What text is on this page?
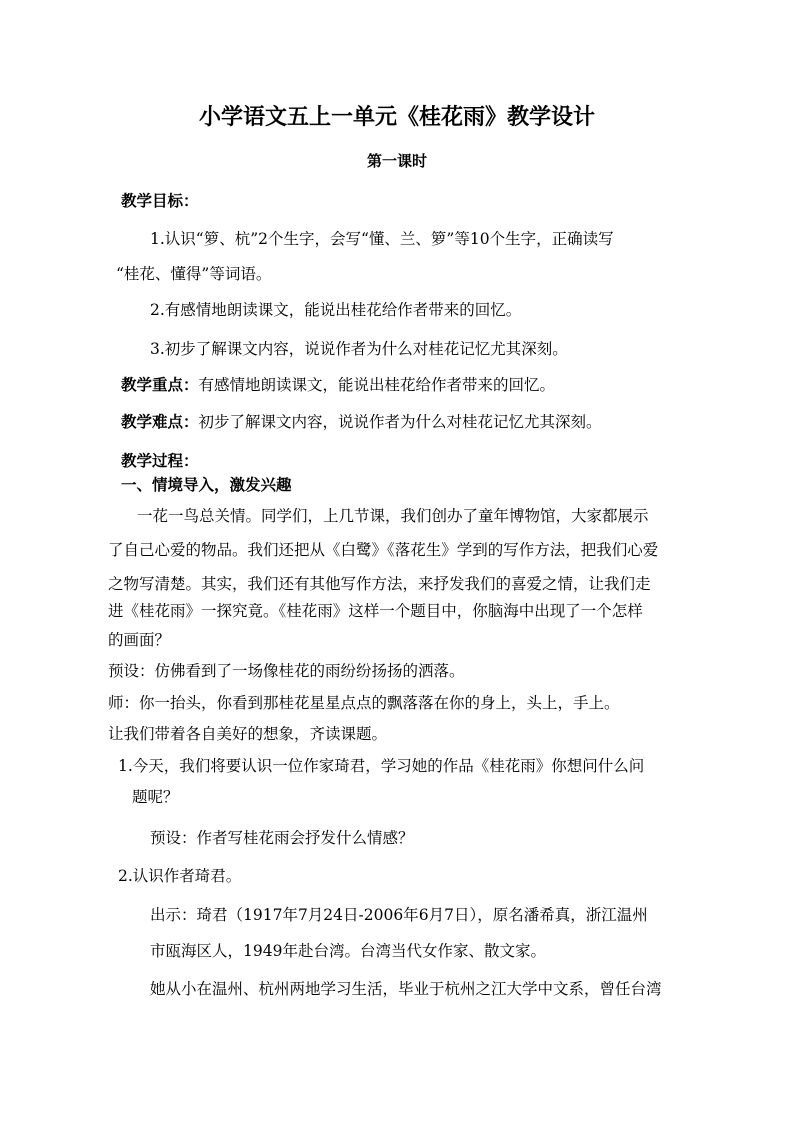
小学语文五上一单元《桂花雨》教学设计
第一课时
教学目标：
1.认识“箩、杭”2个生字，会写“懂、兰、箩”等10个生字，正确读写
“桂花、懂得”等词语。
2.有感情地朗读课文，能说出桂花给作者带来的回忆。
3.初步了解课文内容，说说作者为什么对桂花记忆尤其深刻。
教学重点：有感情地朗读课文，能说出桂花给作者带来的回忆。
教学难点：初步了解课文内容，说说作者为什么对桂花记忆尤其深刻。
教学过程：
一、情境导入，激发兴趣
一花一鸟总关情。同学们，上几节课，我们创办了童年博物馆，大家都展示
了自己心爱的物品。我们还把从《白鹭》《落花生》学到的写作方法，把我们心爱
之物写清楚。其实，我们还有其他写作方法，来抒发我们的喜爱之情，让我们走
进《桂花雨》一探究竟。《桂花雨》这样一个题目中，你脑海中出现了一个怎样
的画面？
预设：仿佛看到了一场像桂花的雨纷纷扬扬的洒落。
师：你一抬头，你看到那桂花星星点点的飘落落在你的身上，头上，手上。
让我们带着各自美好的想象，齐读课题。
1.今天，我们将要认识一位作家琦君，学习她的作品《桂花雨》你想问什么问
题呢？
预设：作者写桂花雨会抒发什么情感？
2.认识作者琦君。
出示：琦君（1917年7月24日-2006年6月7日），原名潘希真，浙江温州
市瓯海区人，1949年赴台湾。台湾当代女作家、散文家。
她从小在温州、杭州两地学习生活，毕业于杭州之江大学中文系，曾任台湾
